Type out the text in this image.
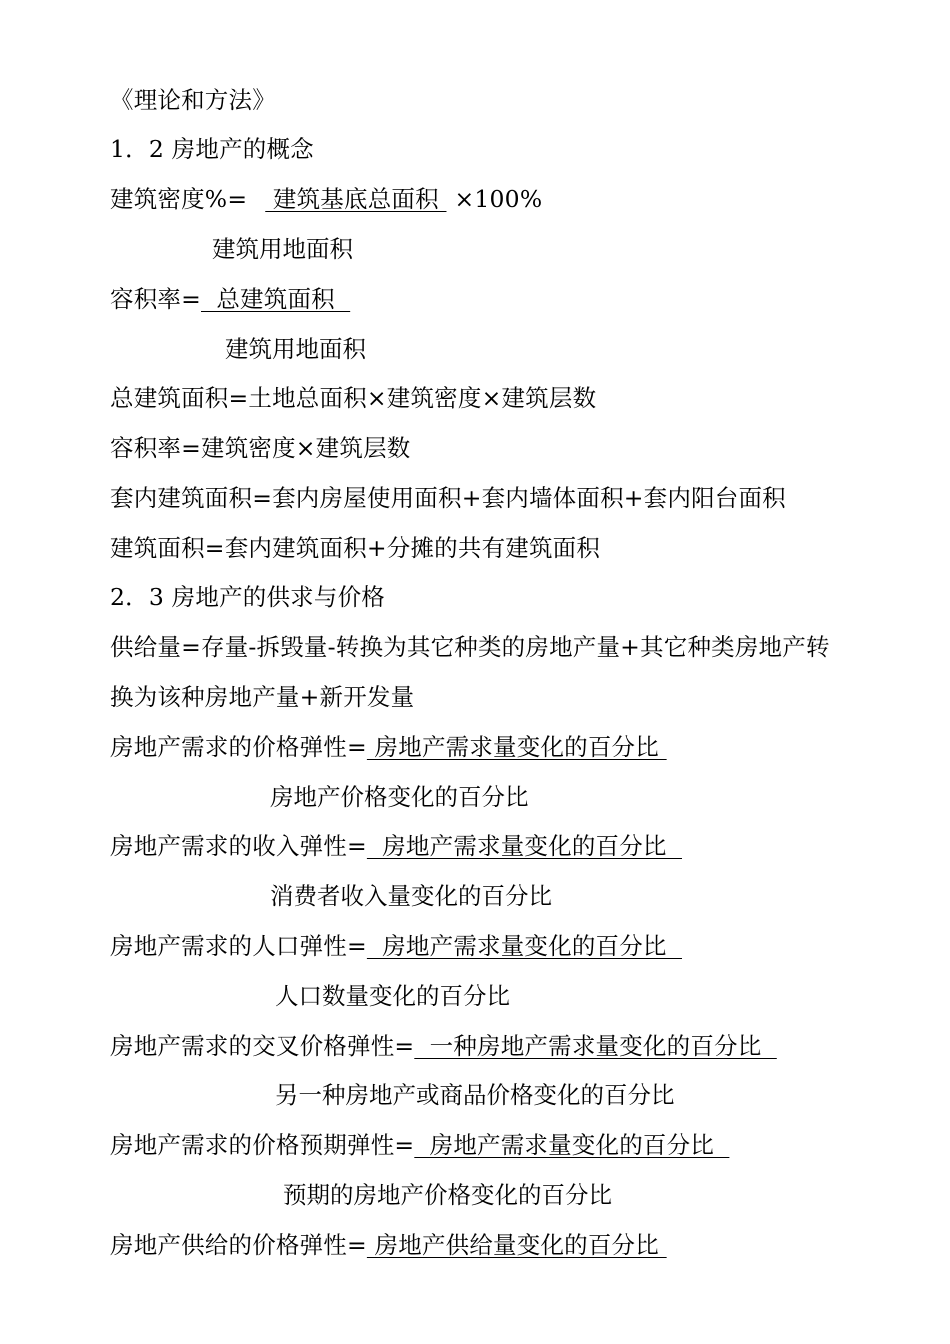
《理论和方法》
1．2 房地产的概念
建筑密度%= 建筑基底总面积 ×100%
建筑用地面积
容积率=  总建筑面积
建筑用地面积
总建筑面积=土地总面积×建筑密度×建筑层数
容积率=建筑密度×建筑层数
套内建筑面积=套内房屋使用面积+套内墙体面积+套内阳台面积
建筑面积=套内建筑面积+分摊的共有建筑面积
2．3 房地产的供求与价格
供给量=存量-拆毁量-转换为其它种类的房地产量+其它种类房地产转
换为该种房地产量+新开发量
房地产需求的价格弹性= 房地产需求量变化的百分比
房地产价格变化的百分比
房地产需求的收入弹性=  房地产需求量变化的百分比
消费者收入量变化的百分比
房地产需求的人口弹性=  房地产需求量变化的百分比
人口数量变化的百分比
房地产需求的交叉价格弹性=  一种房地产需求量变化的百分比
另一种房地产或商品价格变化的百分比
房地产需求的价格预期弹性=  房地产需求量变化的百分比
预期的房地产价格变化的百分比
房地产供给的价格弹性= 房地产供给量变化的百分比
